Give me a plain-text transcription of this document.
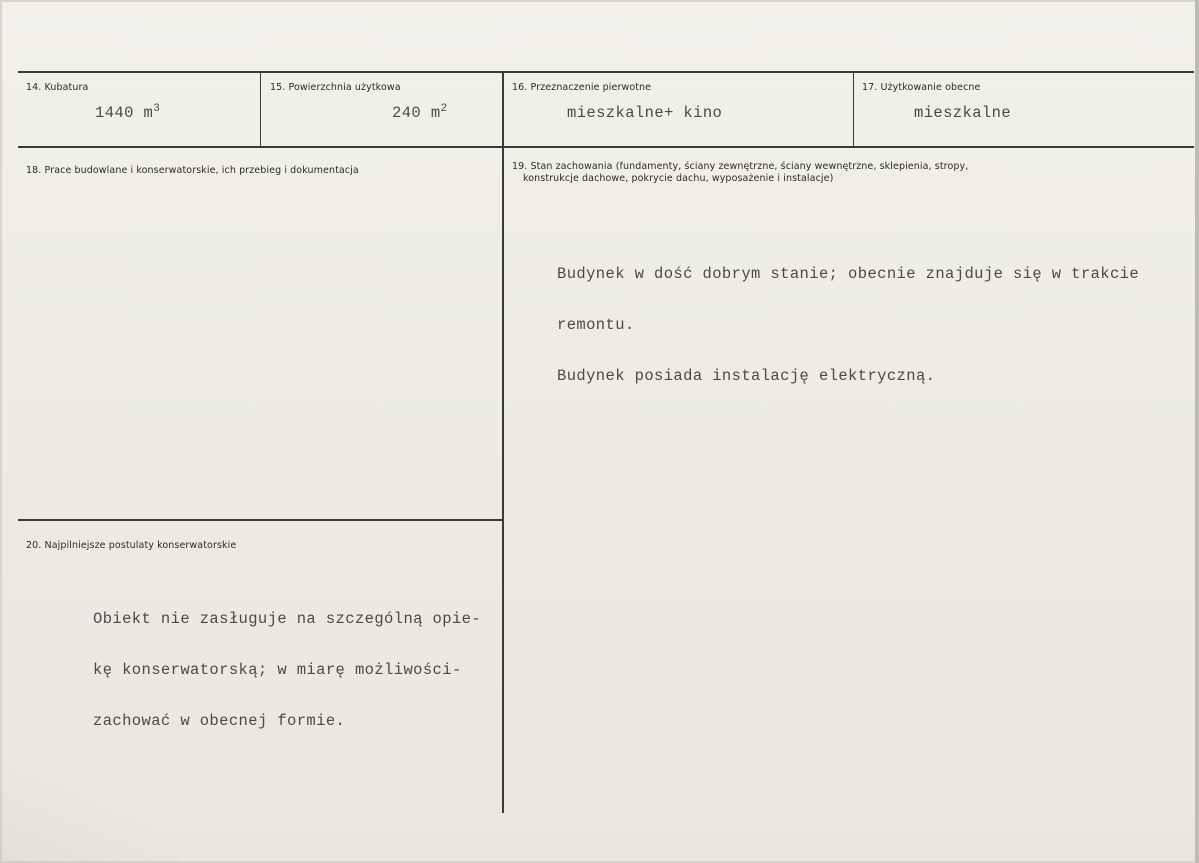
14. Kubatura
1440 $m^3$
15. Powierzchnia użytkowa
240 $m^2$
16. Przeznaczenie pierwotne
mieszkalne+ kino
17. Użytkowanie obecne
mieszkalne
18. Prace budowlane i konserwatorskie, ich przebieg i dokumentacja	19. Stan zachowania (fundamenty, ściany zewnętrzne, ściany wewnętrzne, sklepienia, stropy,
konstrukcje dachowe, pokrycie dachu, wyposażenie i instalacje)

Budynek w dość dobrym stanie; obecnie znajduje się w trakcie

remontu.

Budynek posiada instalację elektryczną.

20. Najpilniejsze postulaty konserwatorskie

Obiekt nie zasługuje na szczególną opie-

kę konserwatorską; w miarę możliwości-

zachować w obecnej formie.
